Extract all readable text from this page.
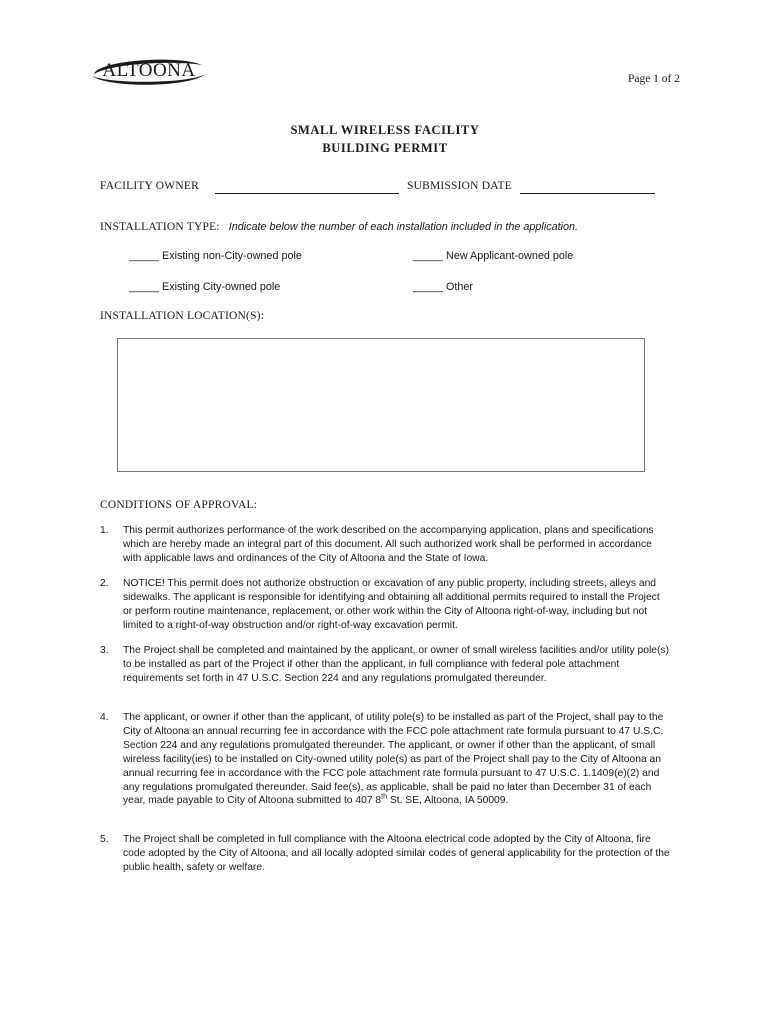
ALTOONA	Page 1 of 2
SMALL WIRELESS FACILITY
BUILDING PERMIT
FACILITY OWNER	SUBMISSION DATE
INSTALLATION TYPE: Indicate below the number of each installation included in the application.
_____ Existing non-City-owned pole	_____ New Applicant-owned pole
_____ Existing City-owned pole	_____ Other
INSTALLATION LOCATION(S):
CONDITIONS OF APPROVAL:
1.	This permit authorizes performance of the work described on the accompanying application, plans and specifications which are hereby made an integral part of this document. All such authorized work shall be performed in accordance with applicable laws and ordinances of the City of Altoona and the State of Iowa.
2.	NOTICE! This permit does not authorize obstruction or excavation of any public property, including streets, alleys and sidewalks. The applicant is responsible for identifying and obtaining all additional permits required to install the Project or perform routine maintenance, replacement, or other work within the City of Altoona right-of-way, including but not limited to a right-of-way obstruction and/or right-of-way excavation permit.
3.	The Project shall be completed and maintained by the applicant, or owner of small wireless facilities and/or utility pole(s) to be installed as part of the Project if other than the applicant, in full compliance with federal pole attachment requirements set forth in 47 U.S.C. Section 224 and any regulations promulgated thereunder.
4.	The applicant, or owner if other than the applicant, of utility pole(s) to be installed as part of the Project, shall pay to the City of Altoona an annual recurring fee in accordance with the FCC pole attachment rate formula pursuant to 47 U.S.C. Section 224 and any regulations promulgated thereunder. The applicant, or owner if other than the applicant, of small wireless facility(ies) to be installed on City-owned utility pole(s) as part of the Project shall pay to the City of Altoona an annual recurring fee in accordance with the FCC pole attachment rate formula pursuant to 47 U.S.C. 1.1409(e)(2) and any regulations promulgated thereunder. Said fee(s), as applicable, shall be paid no later than December 31 of each year, made payable to City of Altoona submitted to 407 8th St. SE, Altoona, IA 50009.
5.	The Project shall be completed in full compliance with the Altoona electrical code adopted by the City of Altoona, fire code adopted by the City of Altoona, and all locally adopted similar codes of general applicability for the protection of the public health, safety or welfare.
